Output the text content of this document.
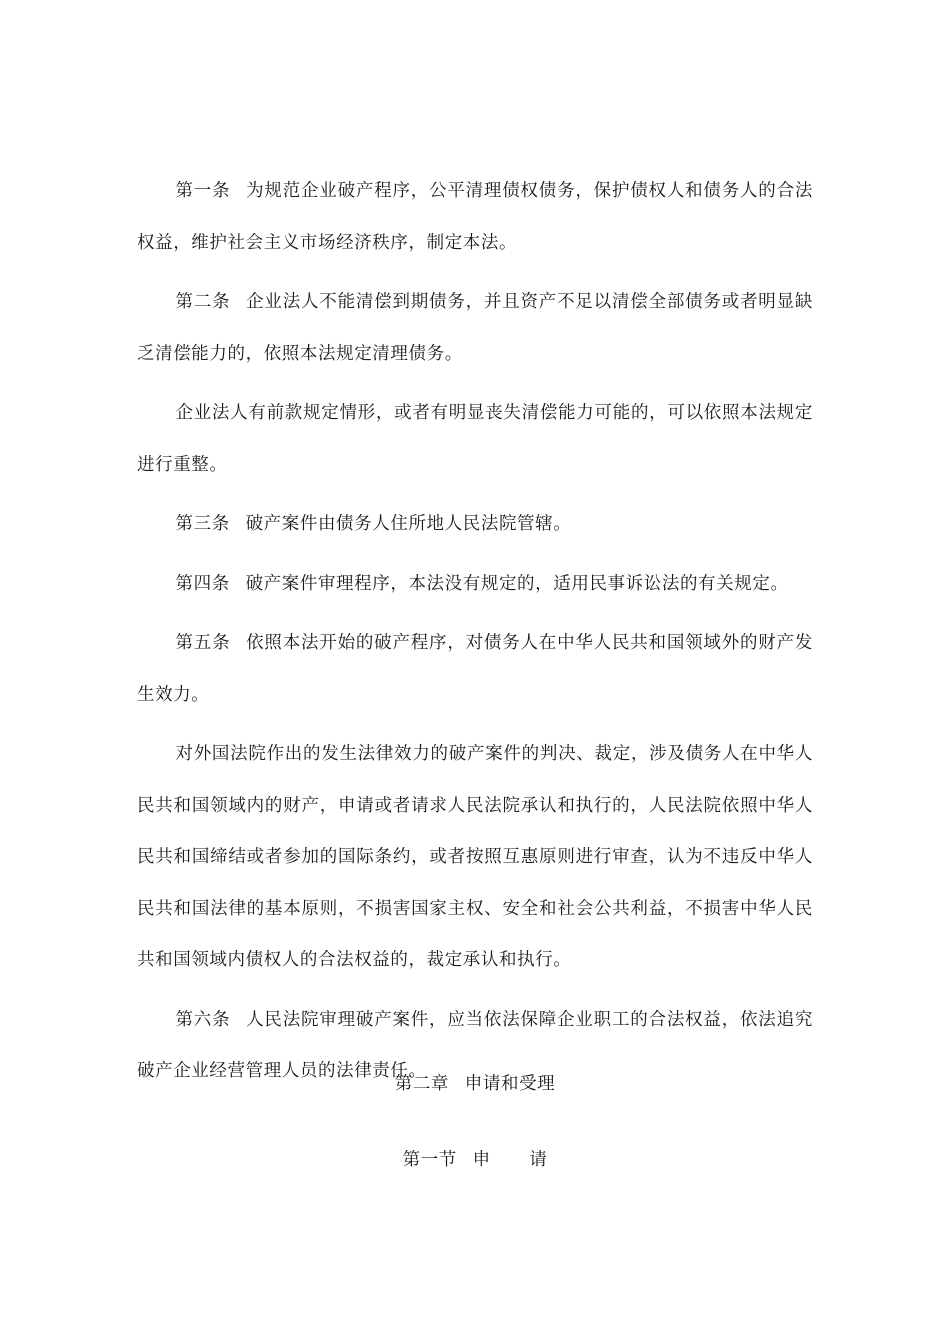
第一条 为规范企业破产程序，公平清理债权债务，保护债权人和债务人的合法权益，维护社会主义市场经济秩序，制定本法。

第二条 企业法人不能清偿到期债务，并且资产不足以清偿全部债务或者明显缺乏清偿能力的，依照本法规定清理债务。

企业法人有前款规定情形，或者有明显丧失清偿能力可能的，可以依照本法规定进行重整。

第三条 破产案件由债务人住所地人民法院管辖。

第四条 破产案件审理程序，本法没有规定的，适用民事诉讼法的有关规定。

第五条 依照本法开始的破产程序，对债务人在中华人民共和国领域外的财产发生效力。

对外国法院作出的发生法律效力的破产案件的判决、裁定，涉及债务人在中华人民共和国领域内的财产，申请或者请求人民法院承认和执行的，人民法院依照中华人民共和国缔结或者参加的国际条约，或者按照互惠原则进行审查，认为不违反中华人民共和国法律的基本原则，不损害国家主权、安全和社会公共利益，不损害中华人民共和国领域内债权人的合法权益的，裁定承认和执行。

第六条 人民法院审理破产案件，应当依法保障企业职工的合法权益，依法追究破产企业经营管理人员的法律责任。

第二章 申请和受理
第一节 申 请
